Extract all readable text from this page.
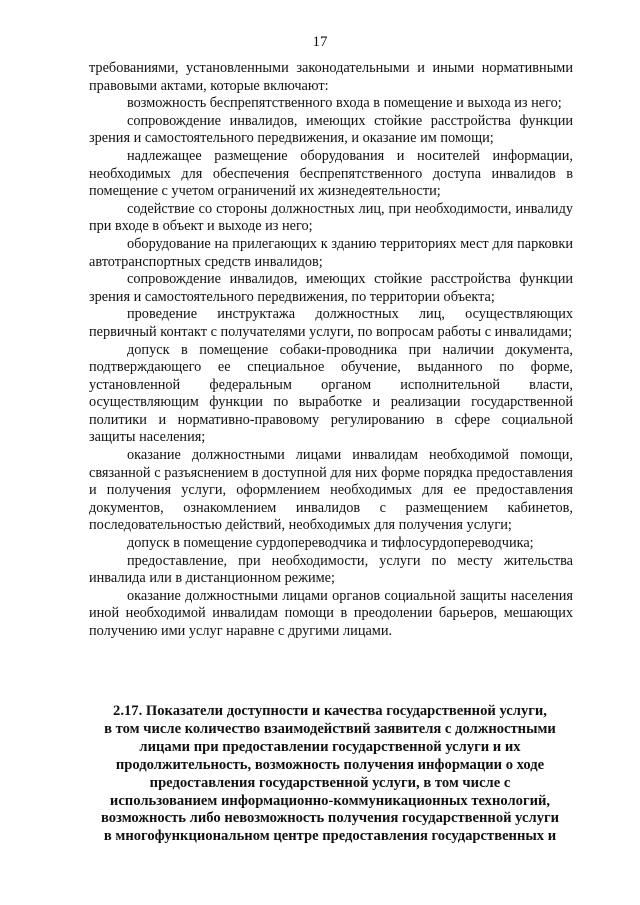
17

требованиями, установленными законодательными и иными нормативными правовыми актами, которые включают:

возможность беспрепятственного входа в помещение и выхода из него;

сопровождение инвалидов, имеющих стойкие расстройства функции зрения и самостоятельного передвижения, и оказание им помощи;

надлежащее размещение оборудования и носителей информации, необходимых для обеспечения беспрепятственного доступа инвалидов в помещение с учетом ограничений их жизнедеятельности;

содействие со стороны должностных лиц, при необходимости, инвалиду при входе в объект и выходе из него;

оборудование на прилегающих к зданию территориях мест для парковки автотранспортных средств инвалидов;

сопровождение инвалидов, имеющих стойкие расстройства функции зрения и самостоятельного передвижения, по территории объекта;

проведение инструктажа должностных лиц, осуществляющих первичный контакт с получателями услуги, по вопросам работы с инвалидами;

допуск в помещение собаки-проводника при наличии документа, подтверждающего ее специальное обучение, выданного по форме, установленной федеральным органом исполнительной власти, осуществляющим функции по выработке и реализации государственной политики и нормативно-правовому регулированию в сфере социальной защиты населения;

оказание должностными лицами инвалидам необходимой помощи, связанной с разъяснением в доступной для них форме порядка предоставления и получения услуги, оформлением необходимых для ее предоставления документов, ознакомлением инвалидов с размещением кабинетов, последовательностью действий, необходимых для получения услуги;

допуск в помещение сурдопереводчика и тифлосурдопереводчика;

предоставление, при необходимости, услуги по месту жительства инвалида или в дистанционном режиме;

оказание должностными лицами органов социальной защиты населения иной необходимой инвалидам помощи в преодолении барьеров, мешающих получению ими услуг наравне с другими лицами.

2.17. Показатели доступности и качества государственной услуги,
в том числе количество взаимодействий заявителя с должностными
лицами при предоставлении государственной услуги и их
продолжительность, возможность получения информации о ходе
предоставления государственной услуги, в том числе с
использованием информационно-коммуникационных технологий,
возможность либо невозможность получения государственной услуги
в многофункциональном центре предоставления государственных и
